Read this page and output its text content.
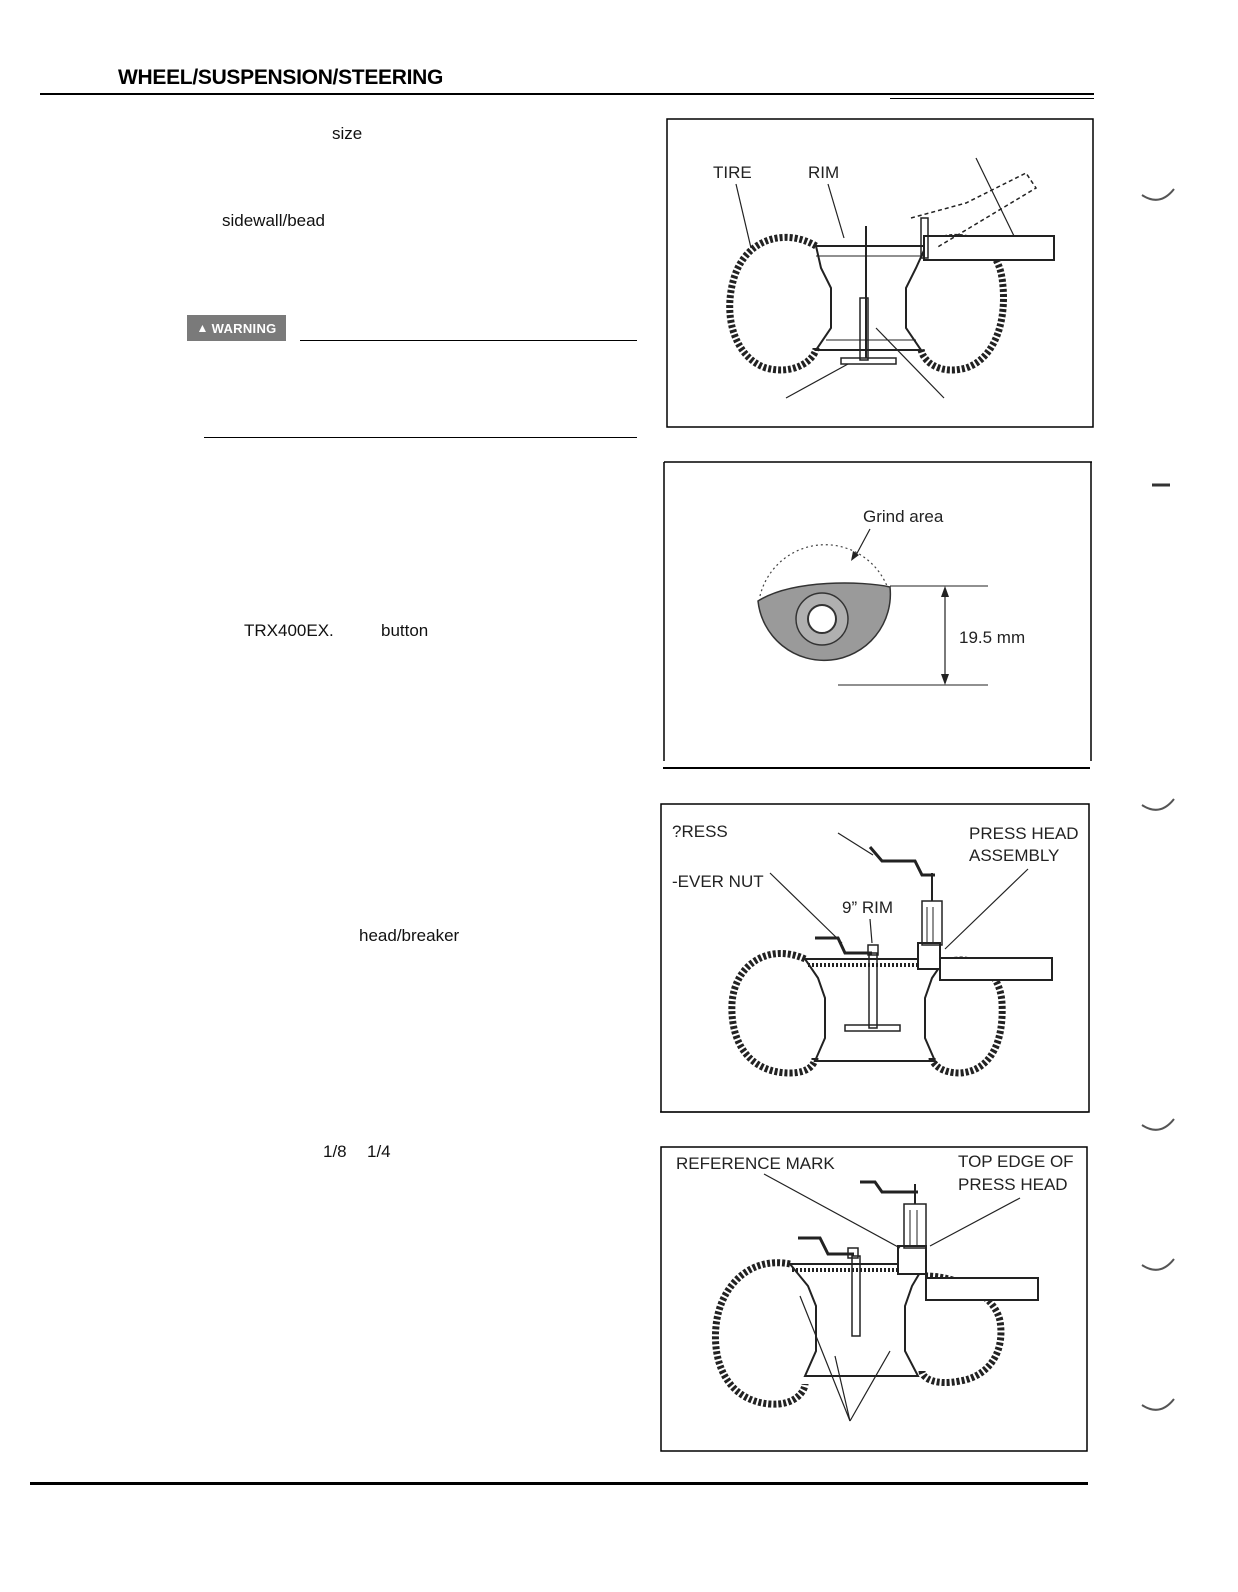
WHEEL/SUSPENSION/STEERING
size
sidewall/bead
▲ WARNING
TRX400EX.	button
head/breaker
1/8 1/4
TIRE	RIM
Grind area
19.5 mm
?RESS	PRESS HEAD
ASSEMBLY
-EVER NUT
9” RIM
REFERENCE MARK	TOP EDGE OF
PRESS HEAD
